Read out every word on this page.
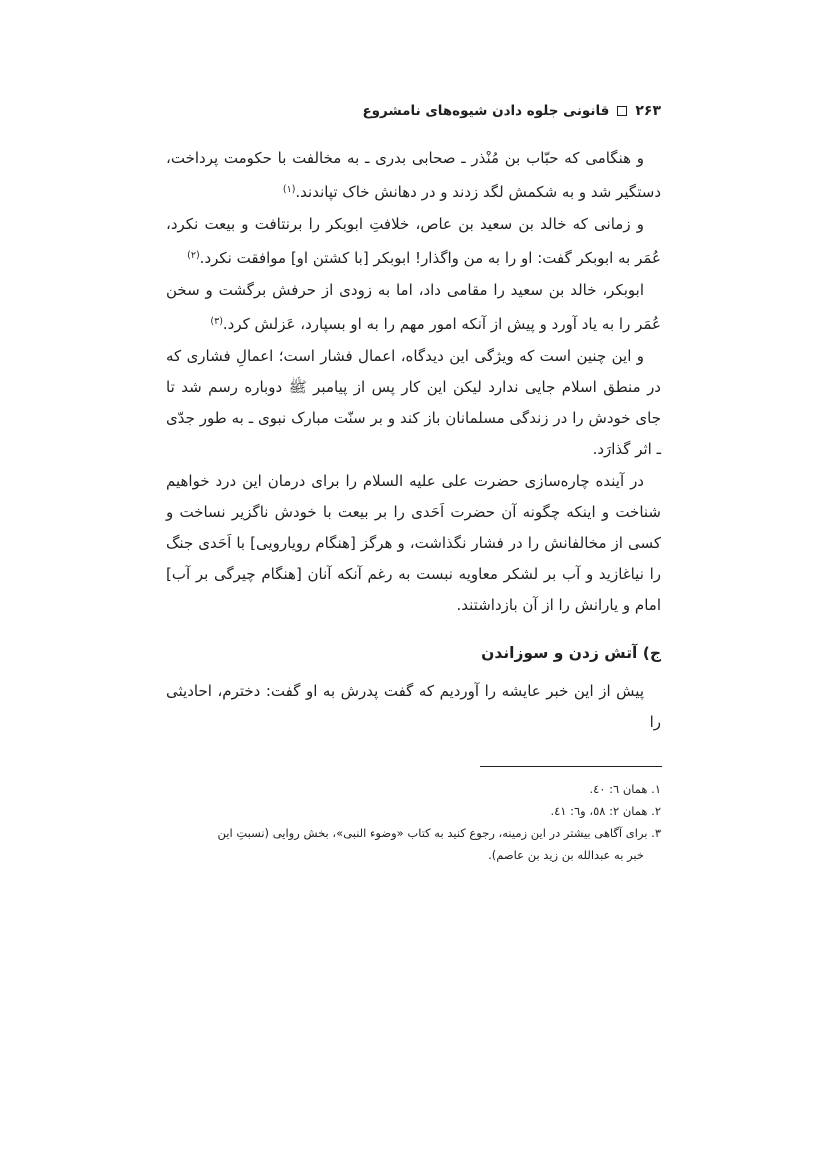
۲۶۳
قانونی جلوه دادن شیوه‌های نامشروع

و هنگامی که حبّاب بن مُنْذر ـ صحابی بدری ـ به مخالفت با حکومت پرداخت، دستگیر شد و به شکمش لگد زدند و در دهانش خاک تپاندند.$^{(۱)}$

و زمانی که خالد بن سعید بن عاص، خلافتِ ابوبکر را برنتافت و بیعت نکرد، عُمَر به ابوبکر گفت: او را به من واگذار! ابوبکر [با کشتن او] موافقت نکرد.$^{(۲)}$

ابوبکر، خالد بن سعید را مقامی داد، اما به زودی از حرفش برگشت و سخن عُمَر را به یاد آورد و پیش از آنکه امور مهم را به او بسپارد، عَزلش کرد.$^{(۳)}$

و این چنین است که ویژگی این دیدگاه، اعمال فشار است؛ اعمالِ فشاری که در منطق اسلام جایی ندارد لیکن این کار پس از پیامبر ﷺ دوباره رسم شد تا جای خودش را در زندگی مسلمانان باز کند و بر سنّت مبارک نبوی ـ به طور جدّی ـ اثر گذارَد.

در آینده چاره‌سازی حضرت علی علیه السلام را برای درمان این درد خواهیم شناخت و اینکه چگونه آن حضرت اَحَدی را بر بیعت با خودش ناگزیر نساخت و کسی از مخالفانش را در فشار نگذاشت، و هرگز [هنگام رویارویی] با اَحَدی جنگ را نیاغازید و آب بر لشکر معاویه نبست به رغم آنکه آنان [هنگام چیرگی بر آب] امام و یارانش را از آن بازداشتند.

ج) آتش زدن و سوزاندن

پیش از این خبر عایشه را آوردیم که گفت پدرش به او گفت: دخترم، احادیثی را

۱. همان ٦: ٤٠.
۲. همان ۲: ٥٨، و٦: ٤١.
۳. برای آگاهی بیشتر در این زمینه، رجوع کنید به کتاب «وضوء النبی»، بخش روایی (نسبتِ این
خبر به عبدالله بن زید بن عاصم).
